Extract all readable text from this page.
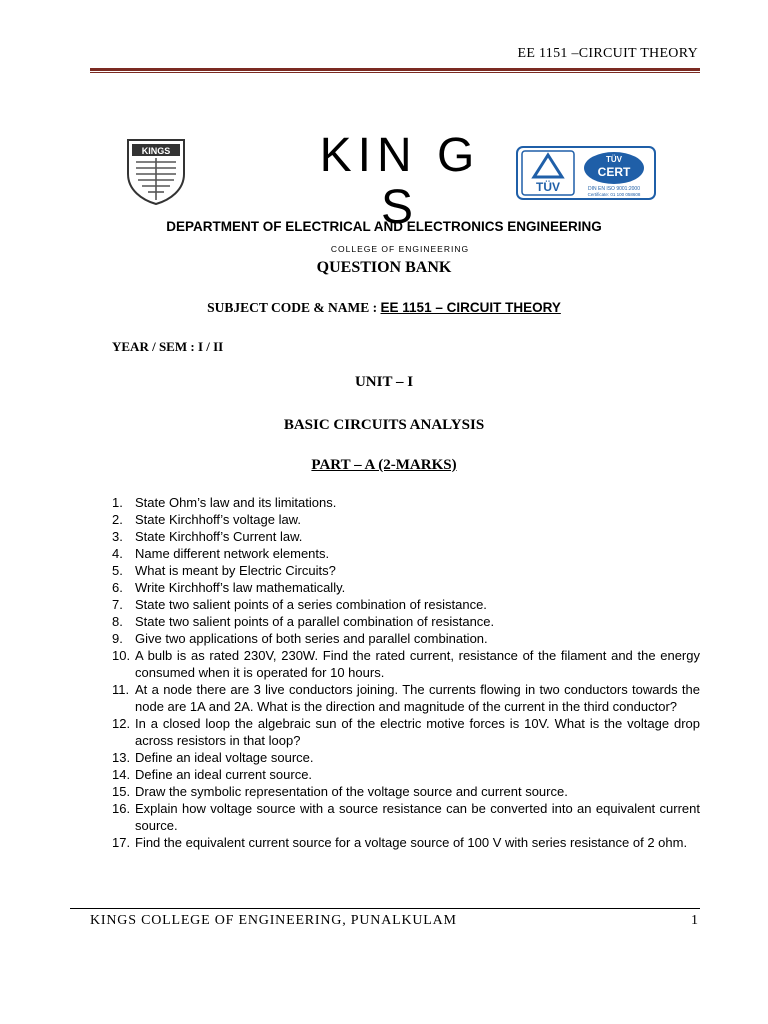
EE 1151 –CIRCUIT THEORY
KINGS	KIN G S
COLLEGE OF ENGINEERING
TÜV
TÜV
CERT
DIN EN ISO 9001:2000
Certificate: 01 100 058608
DEPARTMENT OF ELECTRICAL AND ELECTRONICS ENGINEERING
QUESTION BANK
SUBJECT CODE & NAME : EE 1151 – CIRCUIT THEORY
YEAR / SEM : I / II
UNIT – I
BASIC CIRCUITS ANALYSIS
PART – A (2-MARKS)
1. State Ohm’s law and its limitations.
2. State Kirchhoff’s voltage law.
3. State Kirchhoff’s Current law.
4. Name different network elements.
5. What is meant by Electric Circuits?
6. Write Kirchhoff’s law mathematically.
7. State two salient points of a series combination of resistance.
8. State two salient points of a parallel combination of resistance.
9. Give two applications of both series and parallel combination.
10. A bulb is as rated 230V, 230W. Find the rated current, resistance of the filament and the energy consumed when it is operated for 10 hours.
11. At a node there are 3 live conductors joining. The currents flowing in two conductors towards the node are 1A and 2A. What is the direction and magnitude of the current in the third conductor?
12. In a closed loop the algebraic sun of the electric motive forces is 10V. What is the voltage drop across resistors in that loop?
13. Define an ideal voltage source.
14. Define an ideal current source.
15. Draw the symbolic representation of the voltage source and current source.
16. Explain how voltage source with a source resistance can be converted into an equivalent current source.
17. Find the equivalent current source for a voltage source of 100 V with series resistance of 2 ohm.
KINGS COLLEGE OF ENGINEERING, PUNALKULAM	1
